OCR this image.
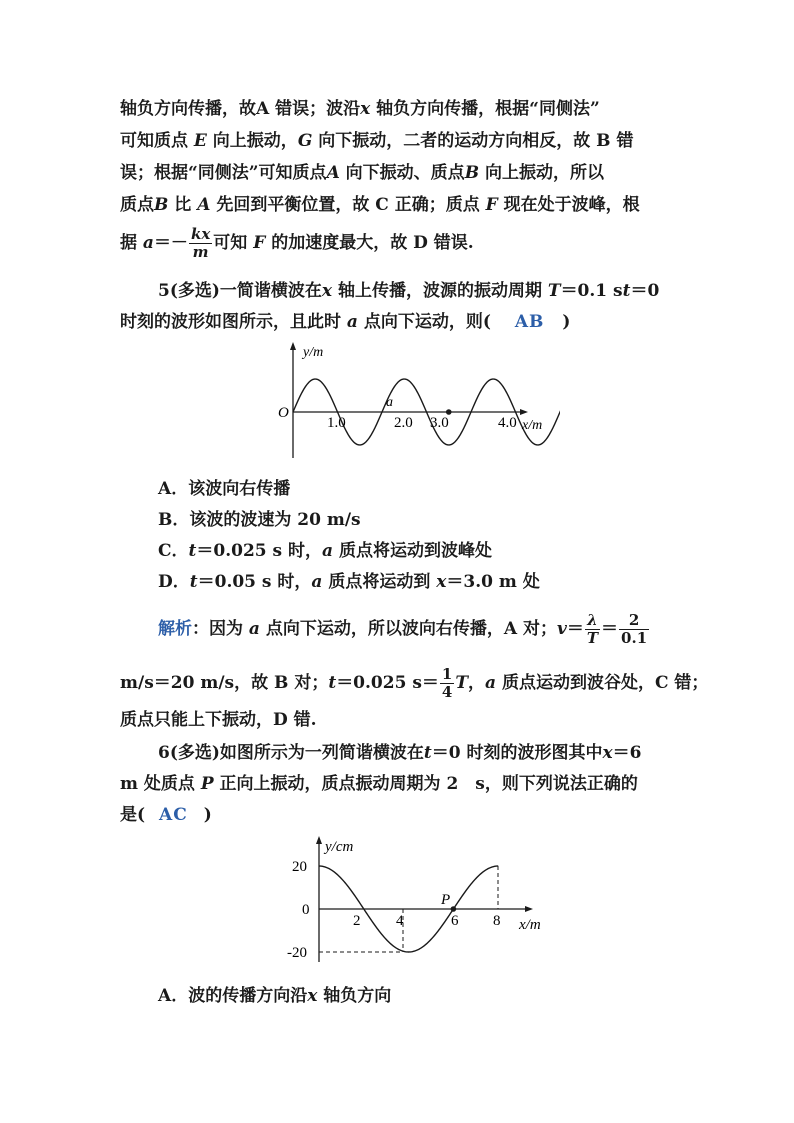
轴负方向传播，故A 错误；波沿x 轴负方向传播，根据“同侧法”
可知质点 E 向上振动，G 向下振动，二者的运动方向相反，故 B 错
误；根据“同侧法”可知质点A 向下振动、质点B 向上振动，所以
质点B 比 A 先回到平衡位置，故 C 正确；质点 F 现在处于波峰，根
据 $a=- \frac{kx}{m}$ 可知 F 的加速度最大，故 D 错误.
5(多选)一简谐横波在x 轴上传播，波源的振动周期 T＝0.1 st＝0
时刻的波形如图所示，且此时 a 点向下运动，则( AB )
y/m
O
1.0	2.0 3.0	4.0 x/m
a
A．该波向右传播
B．该波的波速为 20 m/s
C．t＝0.025 s 时，a 质点将运动到波峰处
D．t＝0.05 s 时，a 质点将运动到 x＝3.0 m 处
解析：因为 a 点向下运动，所以波向右传播，A 对；$v= \frac{\lambda}{T} = \frac{2}{0.1}$
m/s＝20 m/s，故 B 对；t＝0.025 $s= \frac{1}{4}$ T，a 质点运动到波谷处，C 错；
质点只能上下振动，D 错.
6(多选)如图所示为一列简谐横波在t＝0 时刻的波形图其中x＝6
m 处质点 P 正向上振动，质点振动周期为 2　s，则下列说法正确的
是( AC )
y/cm
20
0
-20
2 4	6 8 x/m
P
A．波的传播方向沿x 轴负方向
